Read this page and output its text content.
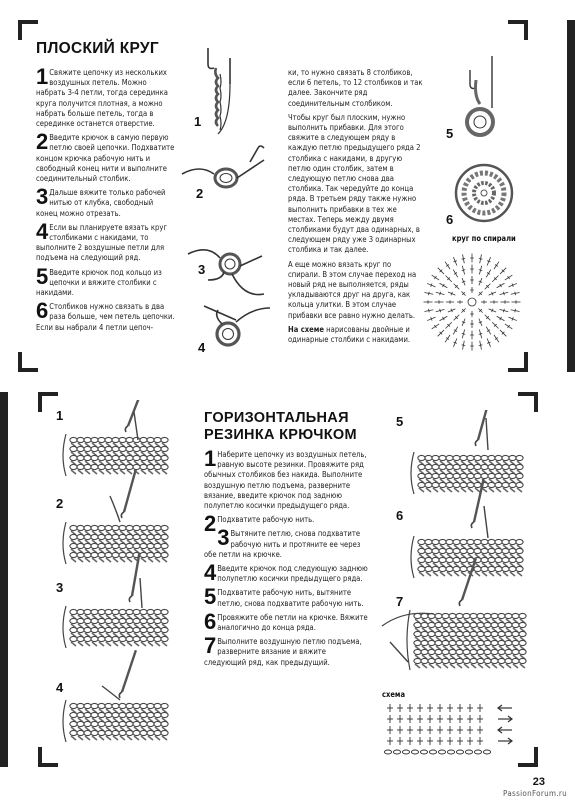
ПЛОСКИЙ КРУГ
1 Свяжите цепочку из нескольких воздушных петель. Можно набрать 3-4 петли, тогда серединка круга получится плотная, а можно набрать больше петель, тогда в серединке останется отверстие.
2 Введите крючок в самую первую петлю своей цепочки. Подхватите концом крючка рабочую нить и свободный конец нити и выполните соединительный столбик.
3 Дальше вяжите только рабочей нитью от клубка, свободный конец можно отрезать.
4 Если вы планируете вязать круг столбиками с накидами, то выполните 2 воздушные петли для подъема на следующий ряд.
5 Введите крючок под кольцо из цепочки и вяжите столбики с накидами.
6 Столбиков нужно связать в два раза больше, чем петель цепочки. Если вы набрали 4 петли цепоч-
1
2
3
4

ки, то нужно связать 8 столбиков, если 6 петель, то 12 столбиков и так далее. Закончите ряд соединительным столбиком.

Чтобы круг был плоским, нужно выполнить прибавки. Для этого свяжите в следующем ряду в каждую петлю предыдущего ряда 2 столбика с накидами, в другую петлю один столбик, затем в следующую петлю снова два столбика. Так чередуйте до конца ряда. В третьем ряду также нужно выполнить прибавки в тех же местах. Теперь между двумя столбиками будут два одинарных, в следующем ряду уже 3 одинарных столбика и так далее.

А еще можно вязать круг по спирали. В этом случае переход на новый ряд не выполняется, ряды укладываются друг на друга, как кольца улитки. В этом случае прибавки все равно нужно делать.

На схеме нарисованы двойные и одинарные столбики с накидами.

5
6
круг по спирали
ГОРИЗОНТАЛЬНАЯ
РЕЗИНКА КРЮЧКОМ
1 Наберите цепочку из воздушных петель, равную высоте резинки. Провяжите ряд обычных столбиков без накида. Выполните воздушную петлю подъема, разверните вязание, введите крючок под заднюю полупетлю косички предыдущего ряда.
2 Подхватите рабочую нить.
3 Вытяните петлю, снова подхватите рабочую нить и протяните ее через обе петли на крючке.
4 Введите крючок под следующую заднюю полупетлю косички предыдущего ряда.
5 Подхватите рабочую нить, вытяните петлю, снова подхватите рабочую нить.
6 Провяжите обе петли на крючке. Вяжите аналогично до конца ряда.
7 Выполните воздушную петлю подъема, разверните вязание и вяжите следующий ряд, как предыдущий.
1
2
3
4
5
6
7
схема
23
PassionForum.ru
